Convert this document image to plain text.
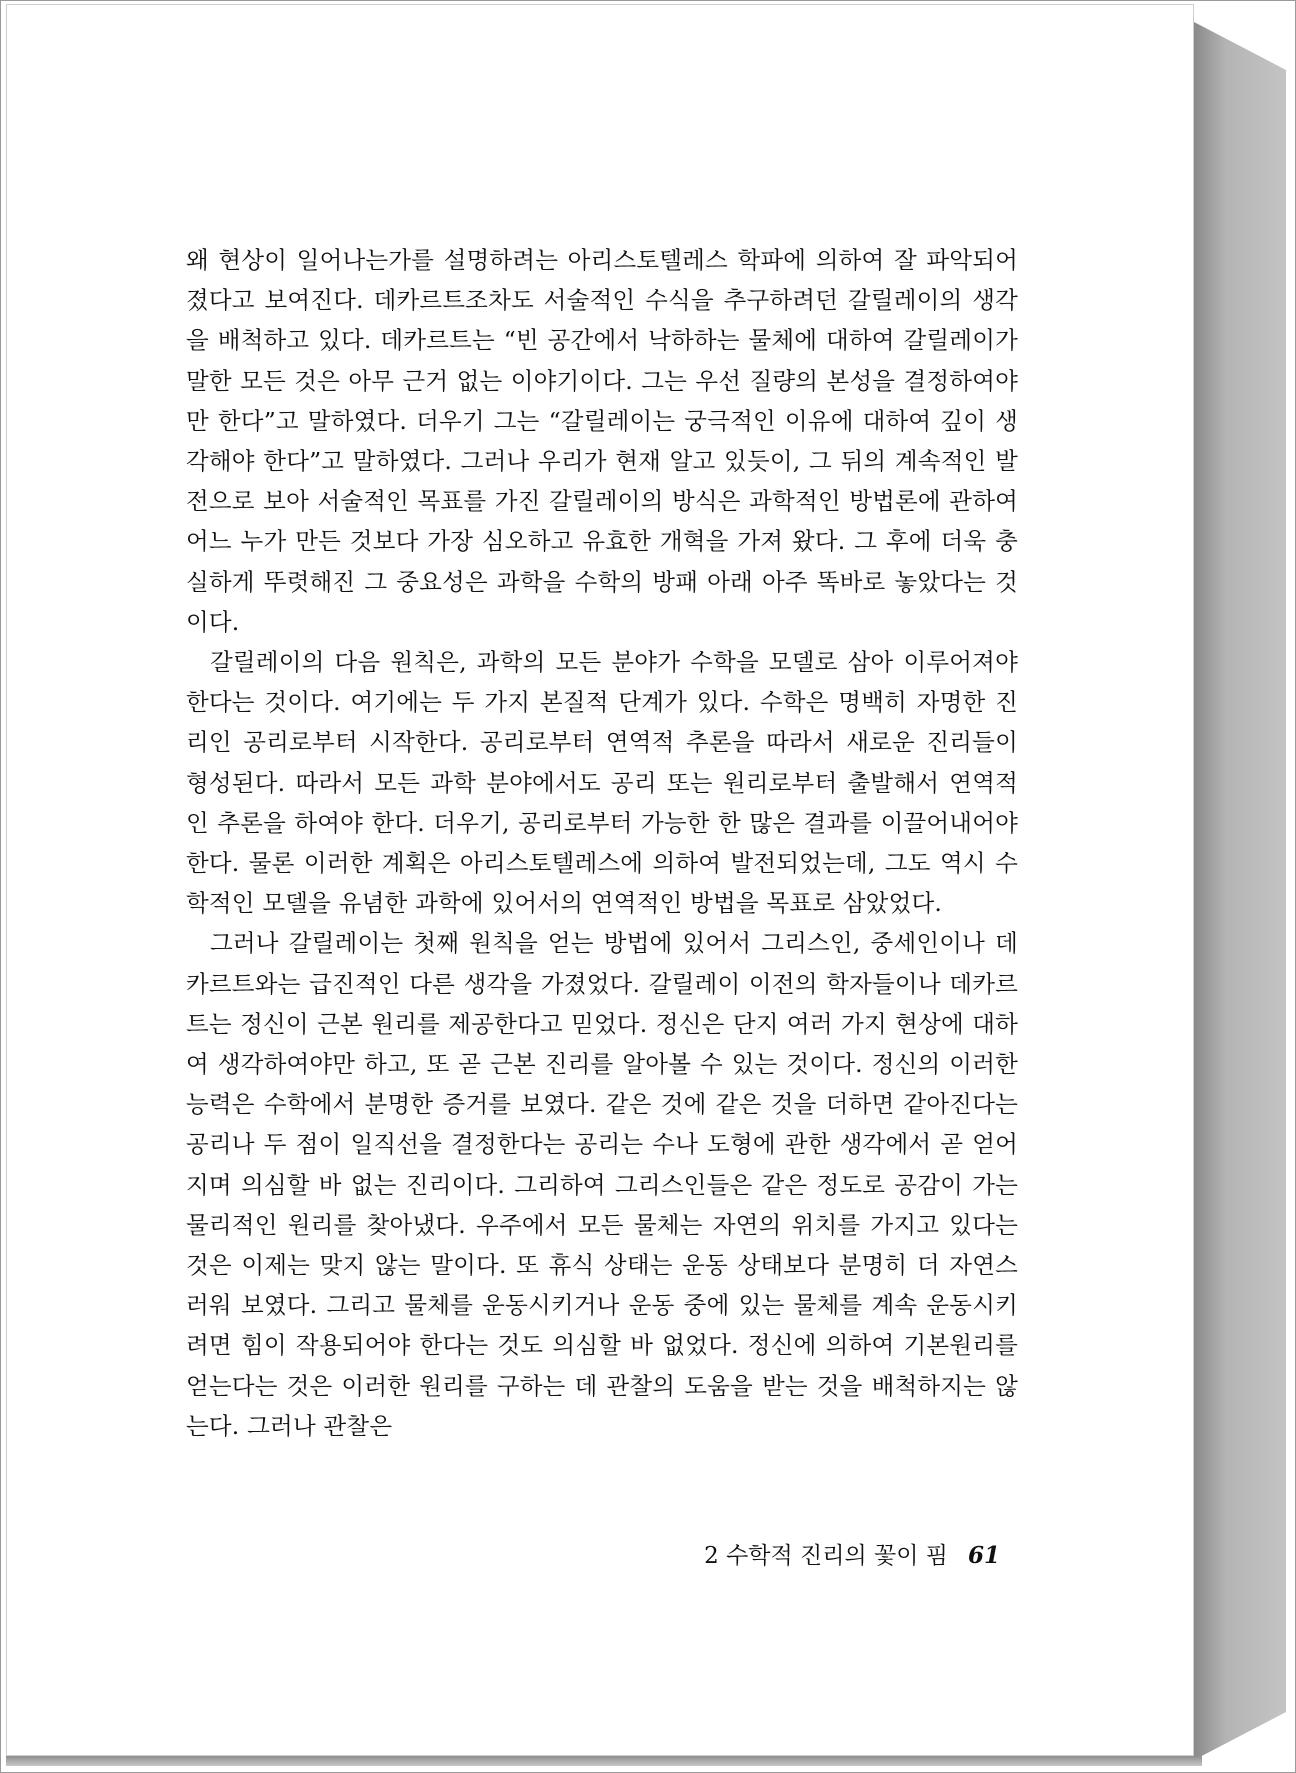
왜 현상이 일어나는가를 설명하려는 아리스토텔레스 학파에 의하여 잘 파악되어졌다고 보여진다. 데카르트조차도 서술적인 수식을 추구하려던 갈릴레이의 생각을 배척하고 있다. 데카르트는 “빈 공간에서 낙하하는 물체에 대하여 갈릴레이가 말한 모든 것은 아무 근거 없는 이야기이다. 그는 우선 질량의 본성을 결정하여야만 한다”고 말하였다. 더우기 그는 “갈릴레이는 궁극적인 이유에 대하여 깊이 생각해야 한다”고 말하였다. 그러나 우리가 현재 알고 있듯이, 그 뒤의 계속적인 발전으로 보아 서술적인 목표를 가진 갈릴레이의 방식은 과학적인 방법론에 관하여 어느 누가 만든 것보다 가장 심오하고 유효한 개혁을 가져 왔다. 그 후에 더욱 충실하게 뚜렷해진 그 중요성은 과학을 수학의 방패 아래 아주 똑바로 놓았다는 것이다.

갈릴레이의 다음 원칙은, 과학의 모든 분야가 수학을 모델로 삼아 이루어져야 한다는 것이다. 여기에는 두 가지 본질적 단계가 있다. 수학은 명백히 자명한 진리인 공리로부터 시작한다. 공리로부터 연역적 추론을 따라서 새로운 진리들이 형성된다. 따라서 모든 과학 분야에서도 공리 또는 원리로부터 출발해서 연역적인 추론을 하여야 한다. 더우기, 공리로부터 가능한 한 많은 결과를 이끌어내어야 한다. 물론 이러한 계획은 아리스토텔레스에 의하여 발전되었는데, 그도 역시 수학적인 모델을 유념한 과학에 있어서의 연역적인 방법을 목표로 삼았었다.

그러나 갈릴레이는 첫째 원칙을 얻는 방법에 있어서 그리스인, 중세인이나 데카르트와는 급진적인 다른 생각을 가졌었다. 갈릴레이 이전의 학자들이나 데카르트는 정신이 근본 원리를 제공한다고 믿었다. 정신은 단지 여러 가지 현상에 대하여 생각하여야만 하고, 또 곧 근본 진리를 알아볼 수 있는 것이다. 정신의 이러한 능력은 수학에서 분명한 증거를 보였다. 같은 것에 같은 것을 더하면 같아진다는 공리나 두 점이 일직선을 결정한다는 공리는 수나 도형에 관한 생각에서 곧 얻어지며 의심할 바 없는 진리이다. 그리하여 그리스인들은 같은 정도로 공감이 가는 물리적인 원리를 찾아냈다. 우주에서 모든 물체는 자연의 위치를 가지고 있다는 것은 이제는 맞지 않는 말이다. 또 휴식 상태는 운동 상태보다 분명히 더 자연스러워 보였다. 그리고 물체를 운동시키거나 운동 중에 있는 물체를 계속 운동시키려면 힘이 작용되어야 한다는 것도 의심할 바 없었다. 정신에 의하여 기본원리를 얻는다는 것은 이러한 원리를 구하는 데 관찰의 도움을 받는 것을 배척하지는 않는다. 그러나 관찰은

2 수학적 진리의 꽃이 핌 61
